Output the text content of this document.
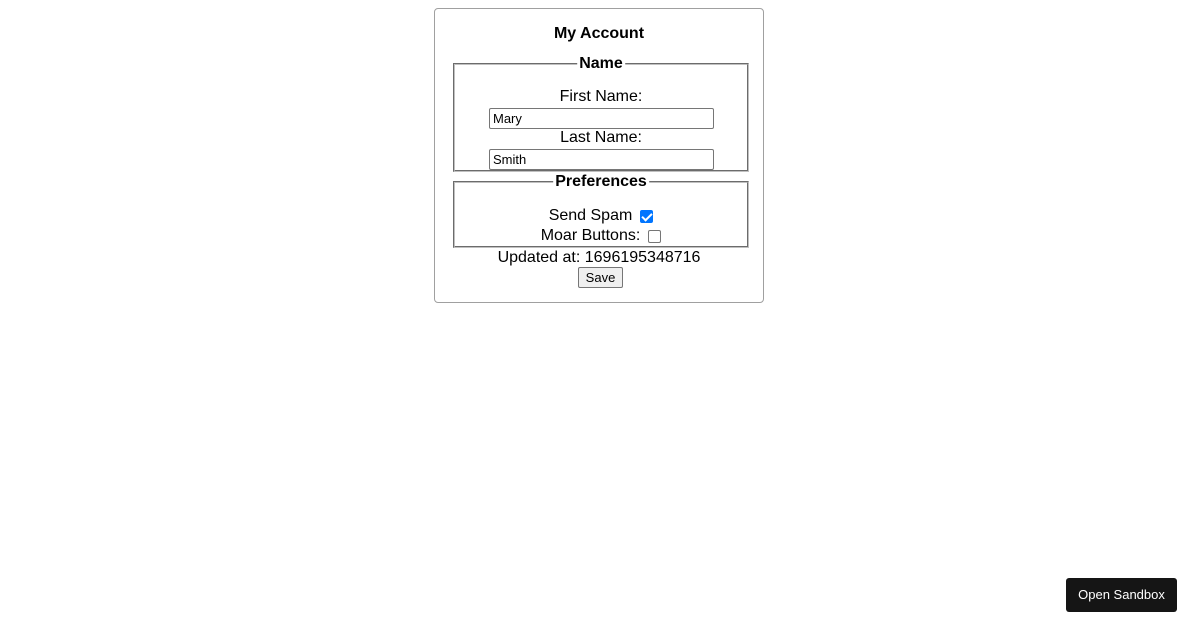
My Account
Name
First Name:
Mary
Last Name:
Smith
Preferences
Send Spam
Moar Buttons:
Updated at: 1696195348716
Save
Open Sandbox
